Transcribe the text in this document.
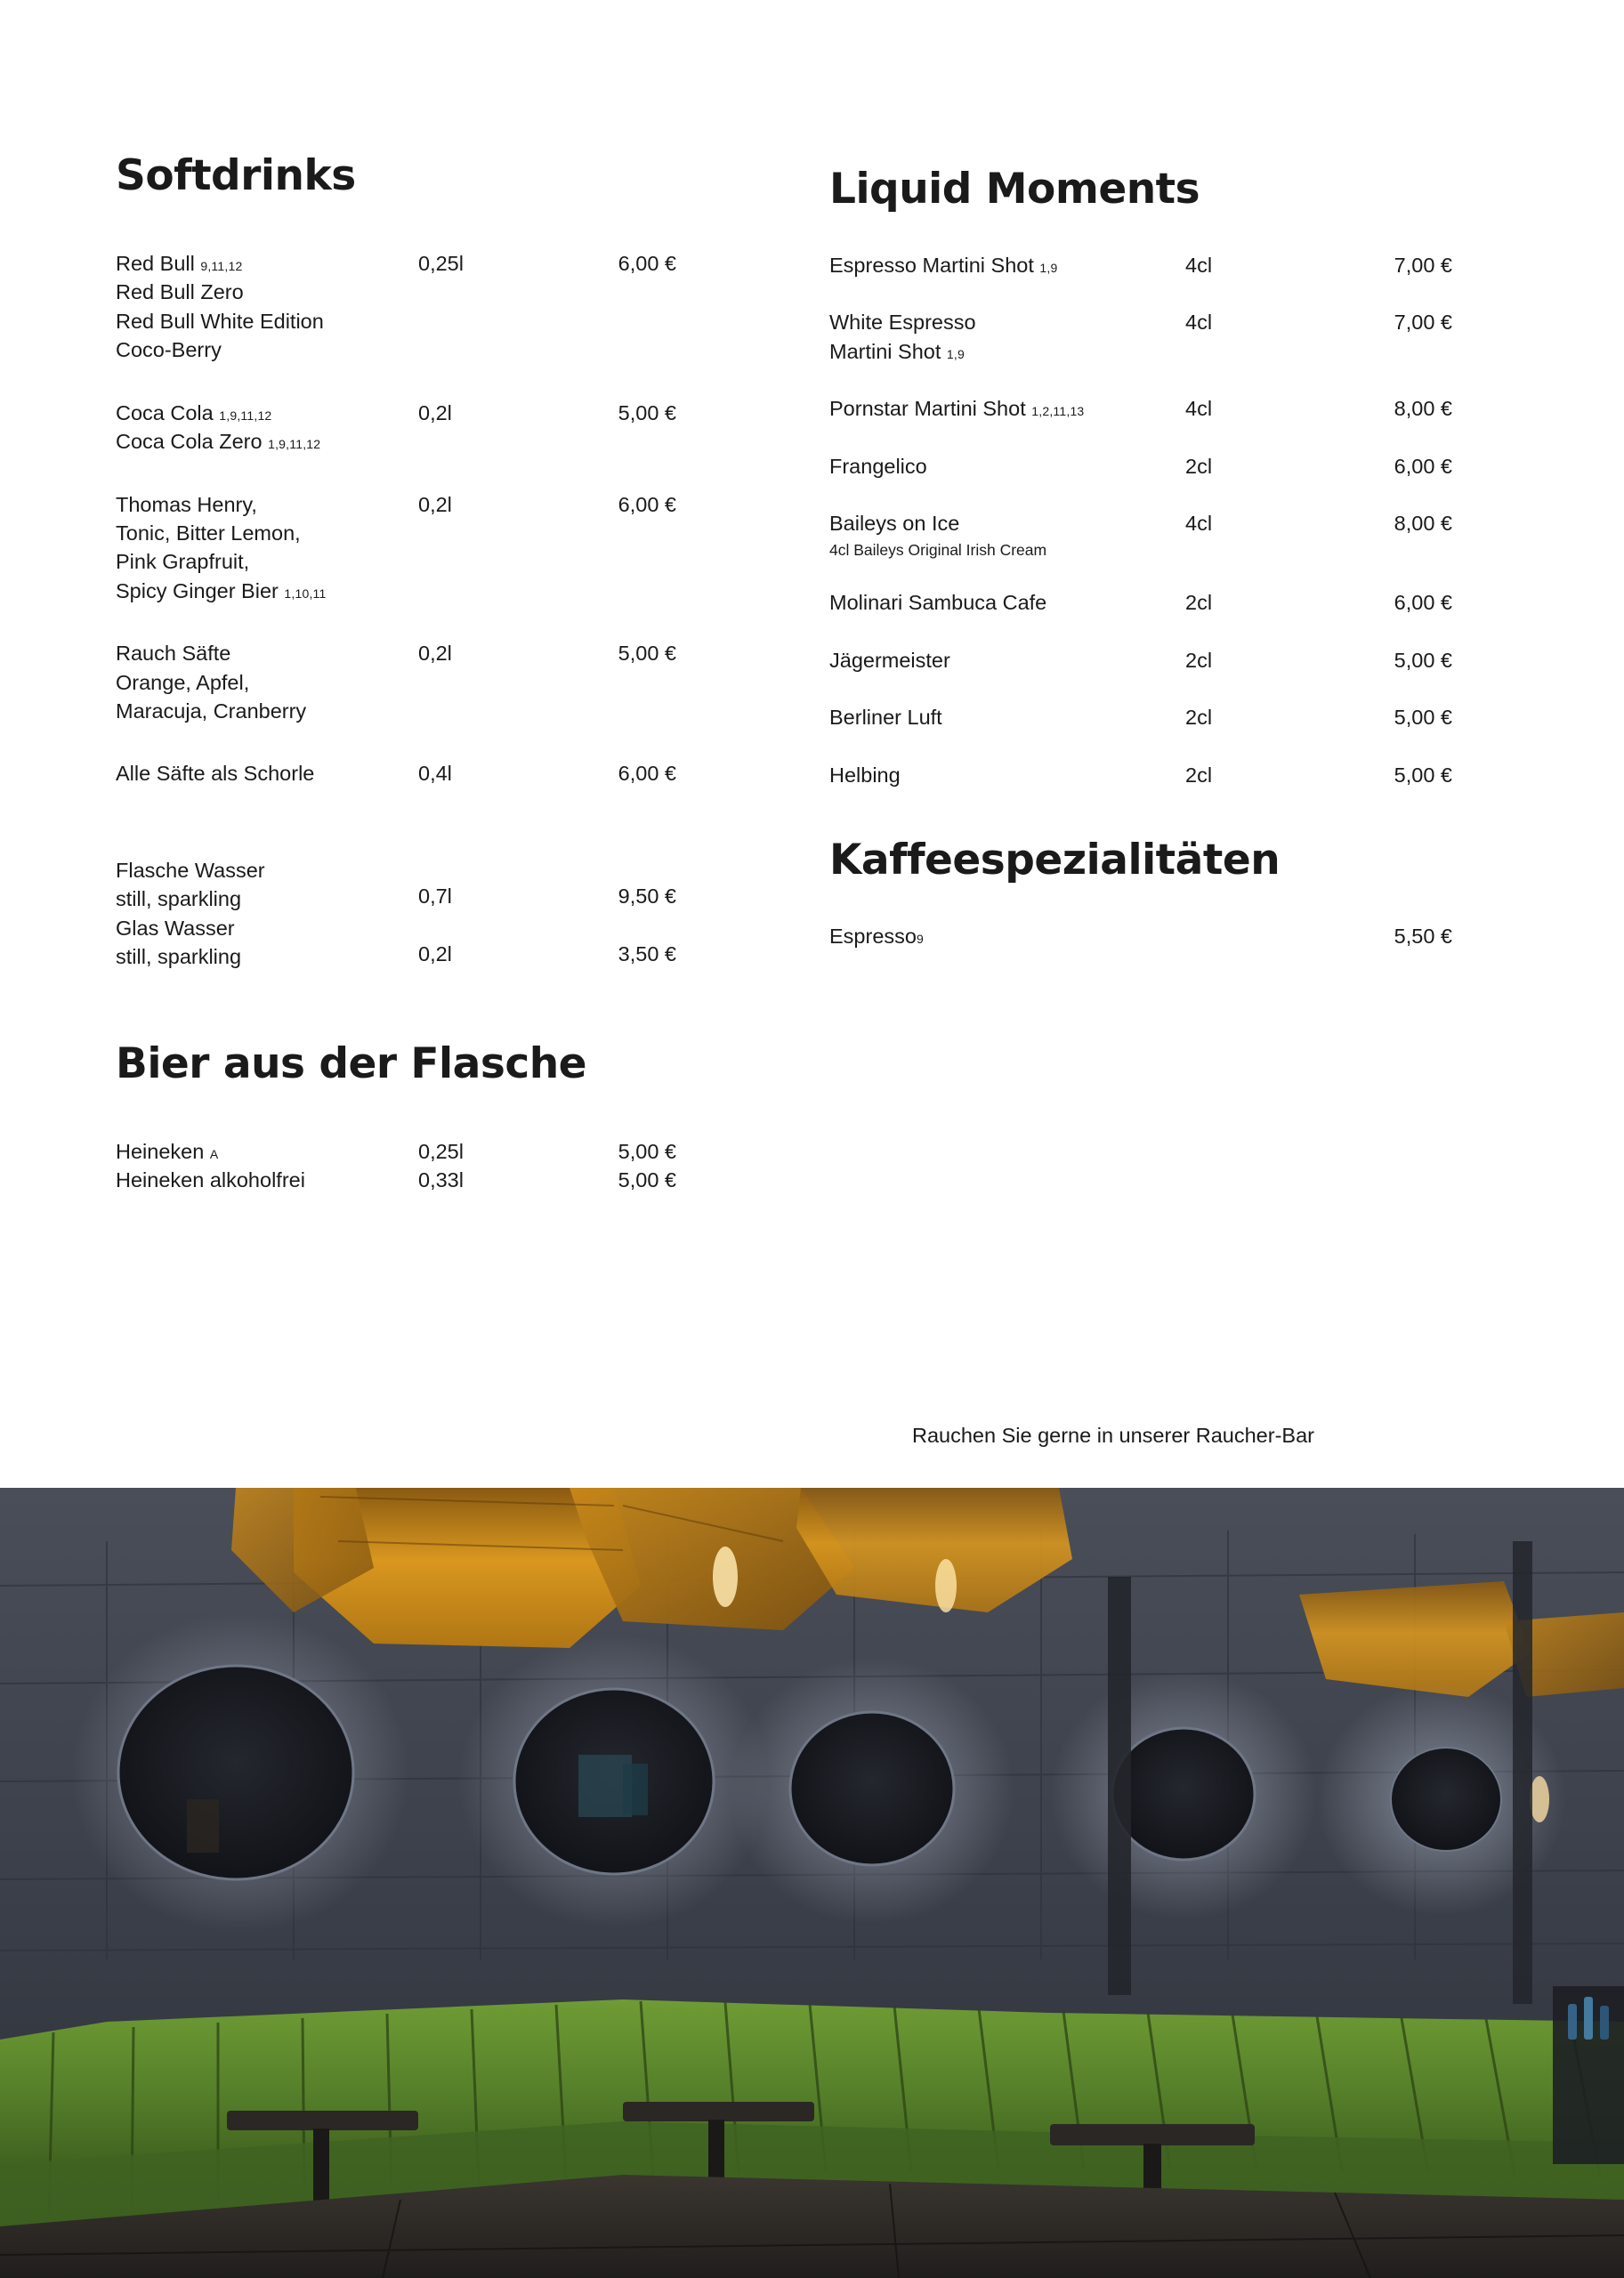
Softdrinks
Red Bull 9,11,12
Red Bull Zero
Red Bull White Edition
Coco-Berry
0,25l	6,00 €
Coca Cola 1,9,11,12
Coca Cola Zero 1,9,11,12
0,2l	5,00 €
Thomas Henry,
Tonic, Bitter Lemon,
Pink Grapfruit,
Spicy Ginger Bier 1,10,11
0,2l	6,00 €
Rauch Säfte
Orange, Apfel,
Maracuja, Cranberry
0,2l	5,00 €
Alle Säfte als Schorle	0,4l	6,00 €
Flasche Wasser
still, sparkling	0,7l	9,50 €
Glas Wasser
still, sparkling	0,2l	3,50 €
Bier aus der Flasche
Heineken A	0,25l	5,00 €
Heineken alkoholfrei	0,33l	5,00 €
Liquid Moments
Espresso Martini Shot 1,9	4cl	7,00 €
White Espresso
Martini Shot 1,9
4cl	7,00 €
Pornstar Martini Shot 1,2,11,13	4cl	8,00 €
Frangelico	2cl	6,00 €
Baileys on Ice
4cl Baileys Original Irish Cream
4cl	8,00 €
Molinari Sambuca Cafe	2cl	6,00 €
Jägermeister	2cl	5,00 €
Berliner Luft	2cl	5,00 €
Helbing	2cl	5,00 €
Kaffeespezialitäten
Espresso9	5,50 €
Rauchen Sie gerne in unserer Raucher-Bar
